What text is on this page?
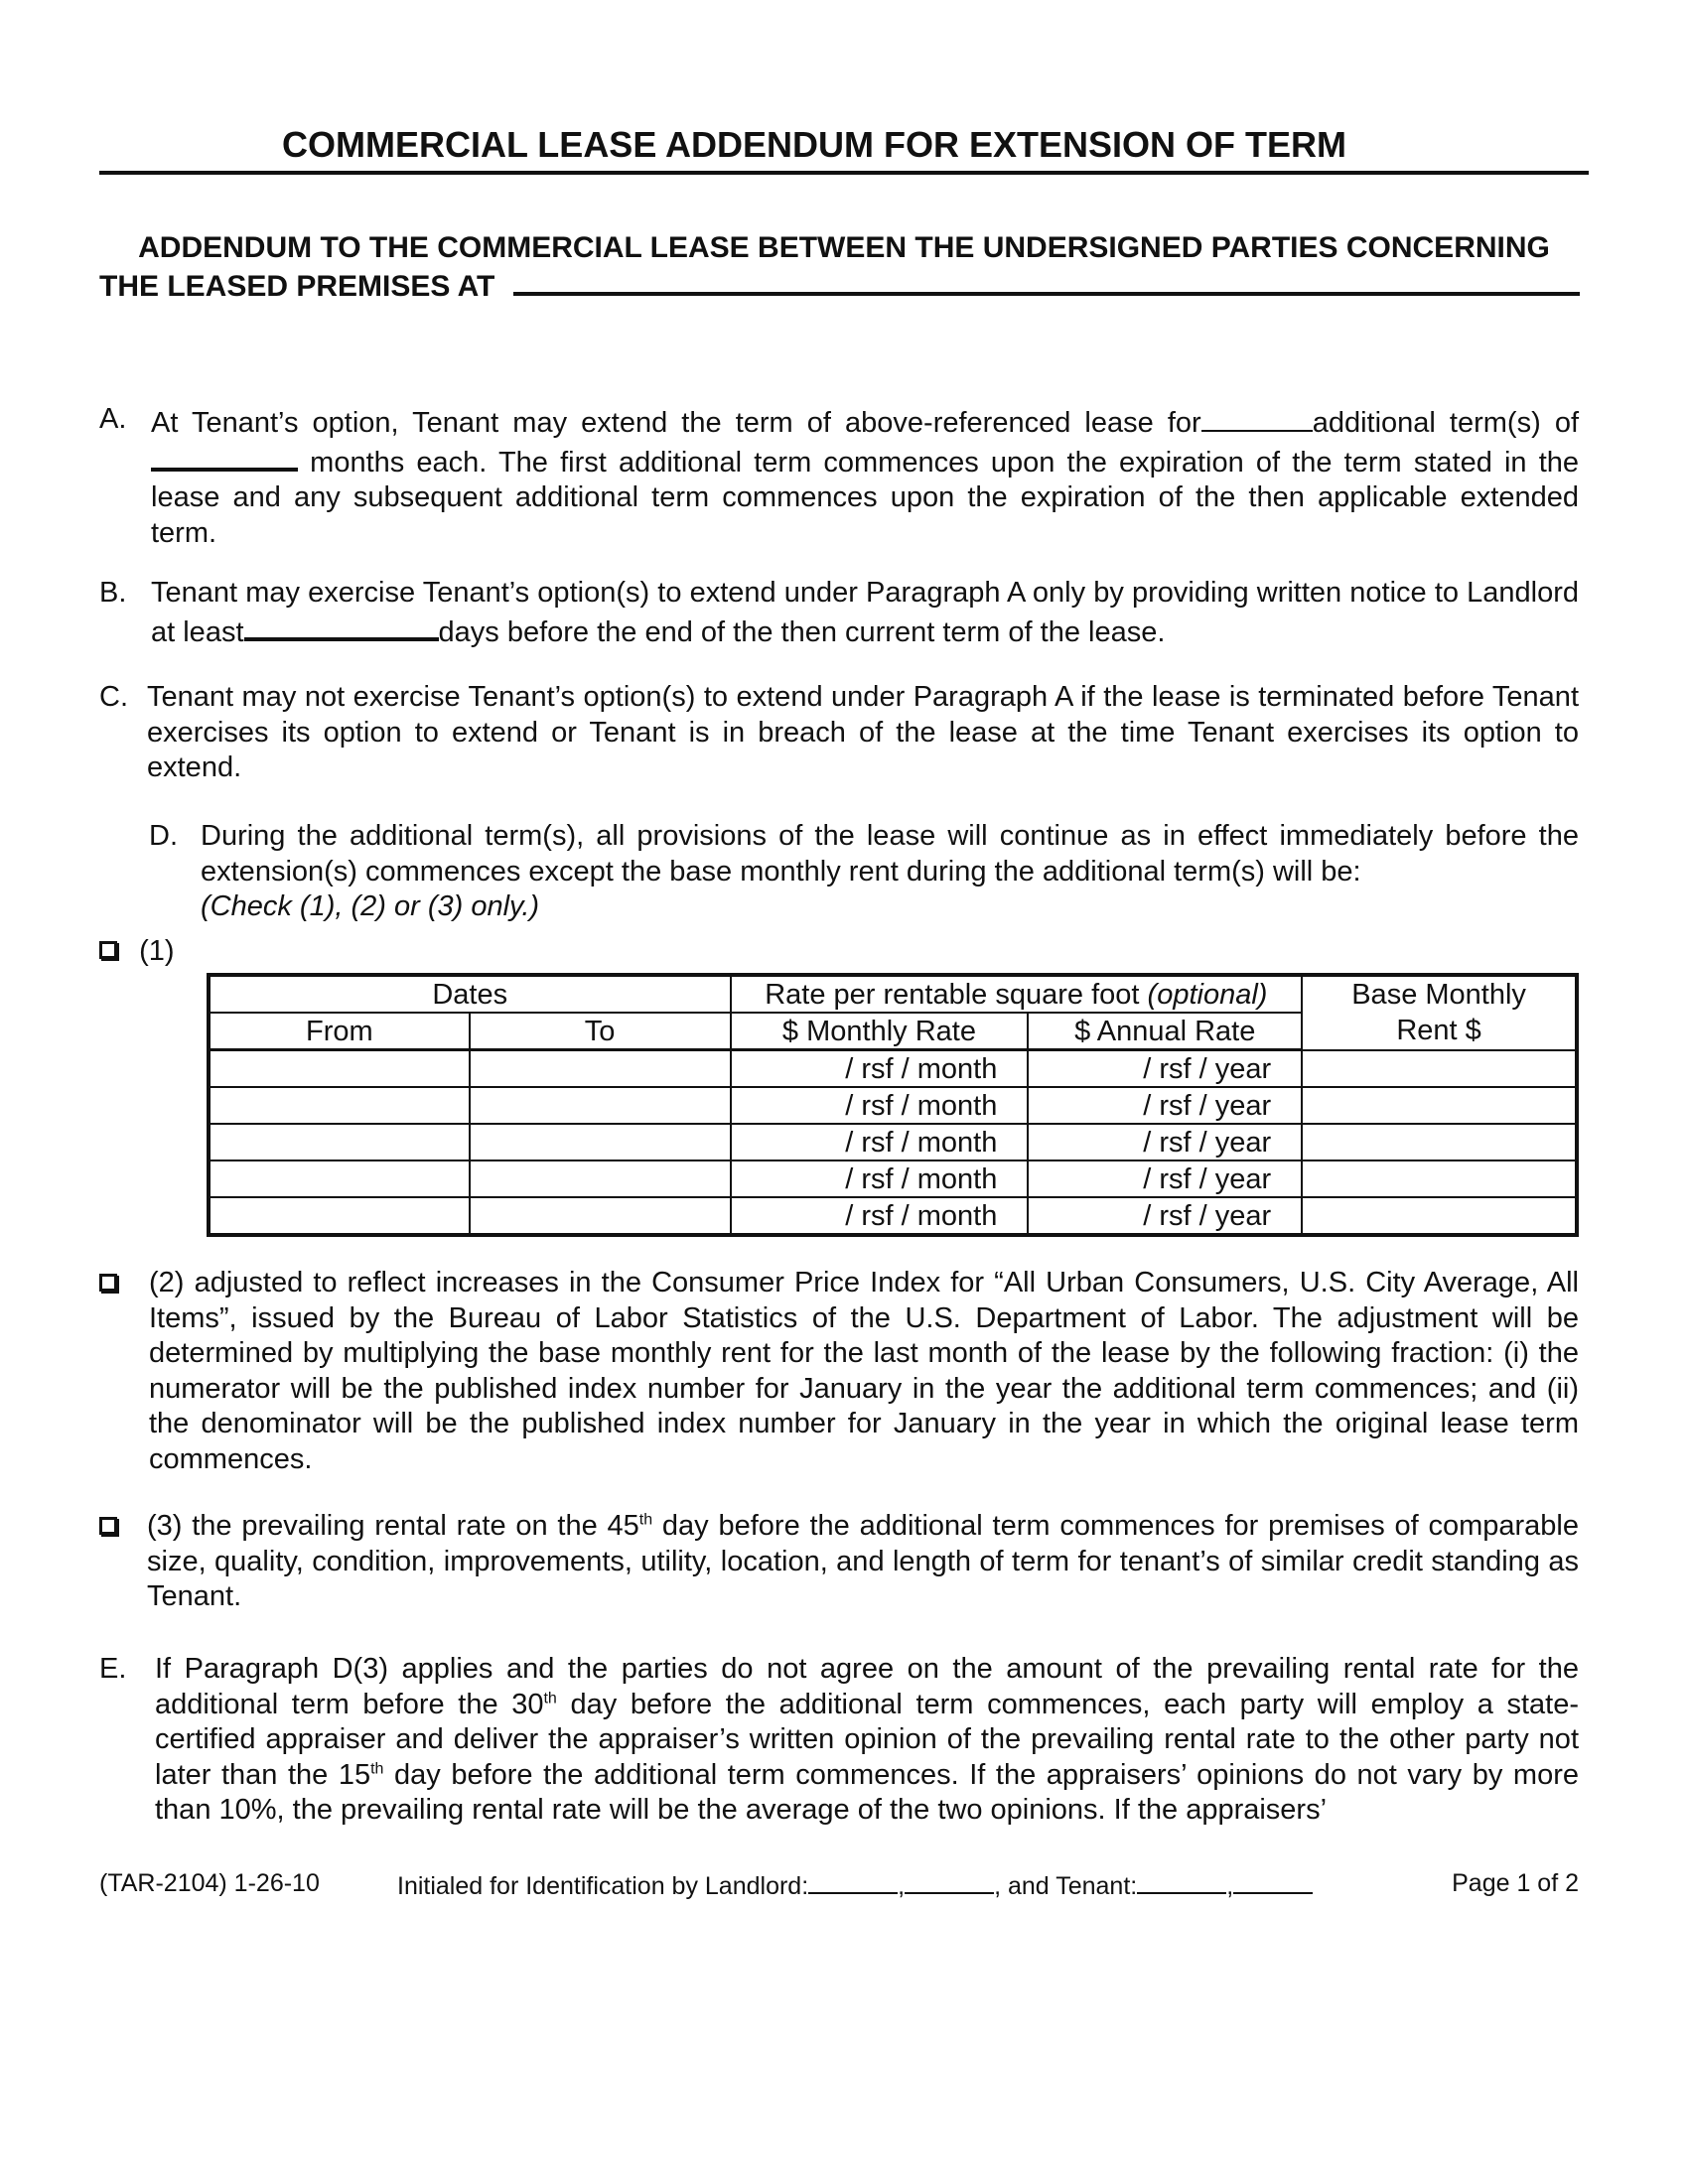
COMMERCIAL LEASE ADDENDUM FOR EXTENSION OF TERM
ADDENDUM TO THE COMMERCIAL LEASE BETWEEN THE UNDERSIGNED PARTIES CONCERNING
THE LEASED PREMISES AT
A. At Tenant’s option, Tenant may extend the term of above-referenced lease for	additional term(s) of  months each. The first additional term commences upon the expiration of the term stated in the lease and any subsequent additional term commences upon the expiration of the then applicable extended term.
B. Tenant may exercise Tenant’s option(s) to extend under Paragraph A only by providing written notice to Landlord at least	days before the end of the then current term of the lease.
C. Tenant may not exercise Tenant’s option(s) to extend under Paragraph A if the lease is terminated before Tenant exercises its option to extend or Tenant is in breach of the lease at the time Tenant exercises its option to extend.
D. During the additional term(s), all provisions of the lease will continue as in effect immediately before the extension(s) commences except the base monthly rent during the additional term(s) will be:
(Check (1), (2) or (3) only.)
(1)
Dates		Rate per rentable square foot (optional)		Base Monthly
Rent $

From	To	$ Monthly Rate	$ Annual Rate	
		/ rsf / month	/ rsf / year	
		/ rsf / month	/ rsf / year	
		/ rsf / month	/ rsf / year	
		/ rsf / month	/ rsf / year	
		/ rsf / month	/ rsf / year	
(2) adjusted to reflect increases in the Consumer Price Index for “All Urban Consumers, U.S. City Average, All Items”, issued by the Bureau of Labor Statistics of the U.S. Department of Labor. The adjustment will be determined by multiplying the base monthly rent for the last month of the lease by the following fraction: (i) the numerator will be the published index number for January in the year the additional term commences; and (ii) the denominator will be the published index number for January in the year in which the original lease term commences.
(3) the prevailing rental rate on the 45th day before the additional term commences for premises of comparable size, quality, condition, improvements, utility, location, and length of term for tenant’s of similar credit standing as Tenant.
E. If Paragraph D(3) applies and the parties do not agree on the amount of the prevailing rental rate for the additional term before the 30th day before the additional term commences, each party will employ a state-certified appraiser and deliver the appraiser’s written opinion of the prevailing rental rate to the other party not later than the 15th day before the additional term commences. If the appraisers’ opinions do not vary by more than 10%, the prevailing rental rate will be the average of the two opinions. If the appraisers’
(TAR-2104) 1-26-10	Initialed for Identification by Landlord:	,	, and Tenant:	,	Page 1 of 2
